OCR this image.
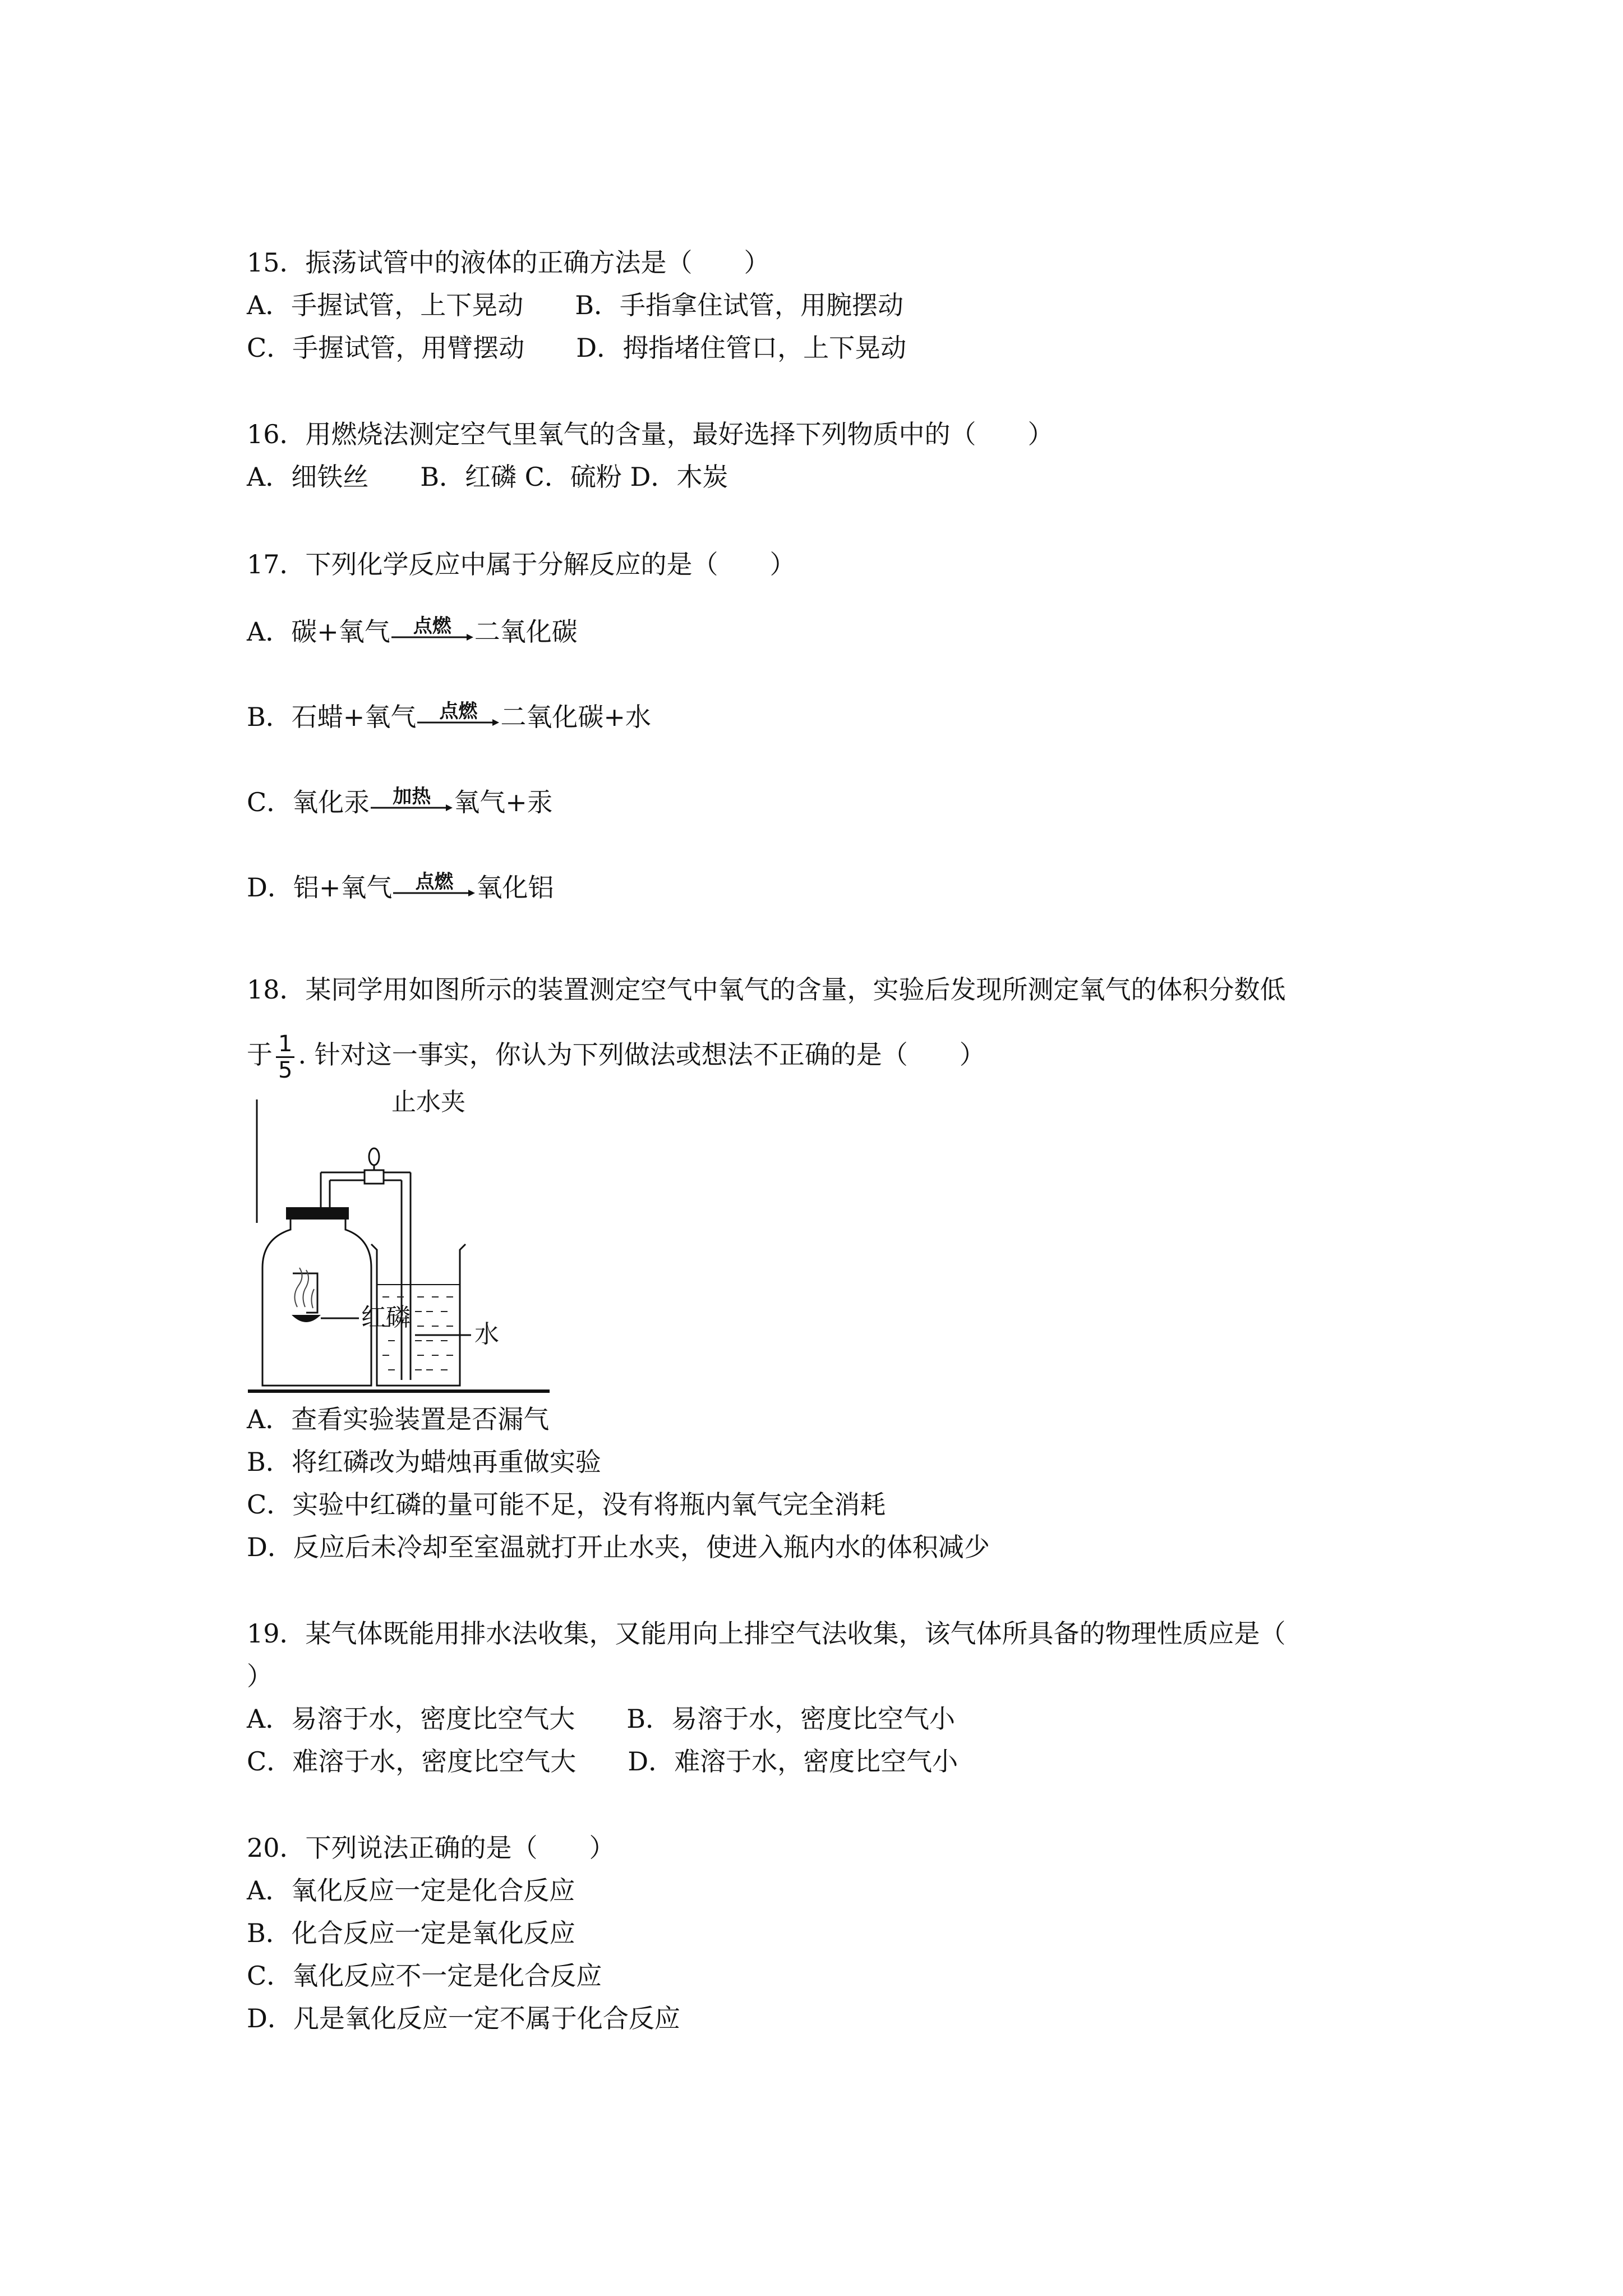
15．振荡试管中的液体的正确方法是（　　）
A．手握试管，上下晃动　　B．手指拿住试管，用腕摆动
C．手握试管，用臂摆动　　D．拇指堵住管口，上下晃动
16．用燃烧法测定空气里氧气的含量，最好选择下列物质中的（　　）
A．细铁丝　　B．红磷 C．硫粉 D．木炭
17．下列化学反应中属于分解反应的是（　　）
A．碳+氧气	点燃 二氧化碳
B．石蜡+氧气	点燃 二氧化碳+水
C．氧化汞	加热 氧气+汞
D．铝+氧气	点燃 氧化铝
18．某同学用如图所示的装置测定空气中氧气的含量，实验后发现所测定氧气的体积分数低
于 $\frac{1}{5}$ . 针对这一事实，你认为下列做法或想法不正确的是（　　）
止水夹
红磷
水
A．查看实验装置是否漏气
B．将红磷改为蜡烛再重做实验
C．实验中红磷的量可能不足，没有将瓶内氧气完全消耗
D．反应后未冷却至室温就打开止水夹，使进入瓶内水的体积减少
19．某气体既能用排水法收集，又能用向上排空气法收集，该气体所具备的物理性质应是（
）
A．易溶于水，密度比空气大　　B．易溶于水，密度比空气小
C．难溶于水，密度比空气大　　D．难溶于水，密度比空气小
20．下列说法正确的是（　　）
A．氧化反应一定是化合反应
B．化合反应一定是氧化反应
C．氧化反应不一定是化合反应
D．凡是氧化反应一定不属于化合反应
